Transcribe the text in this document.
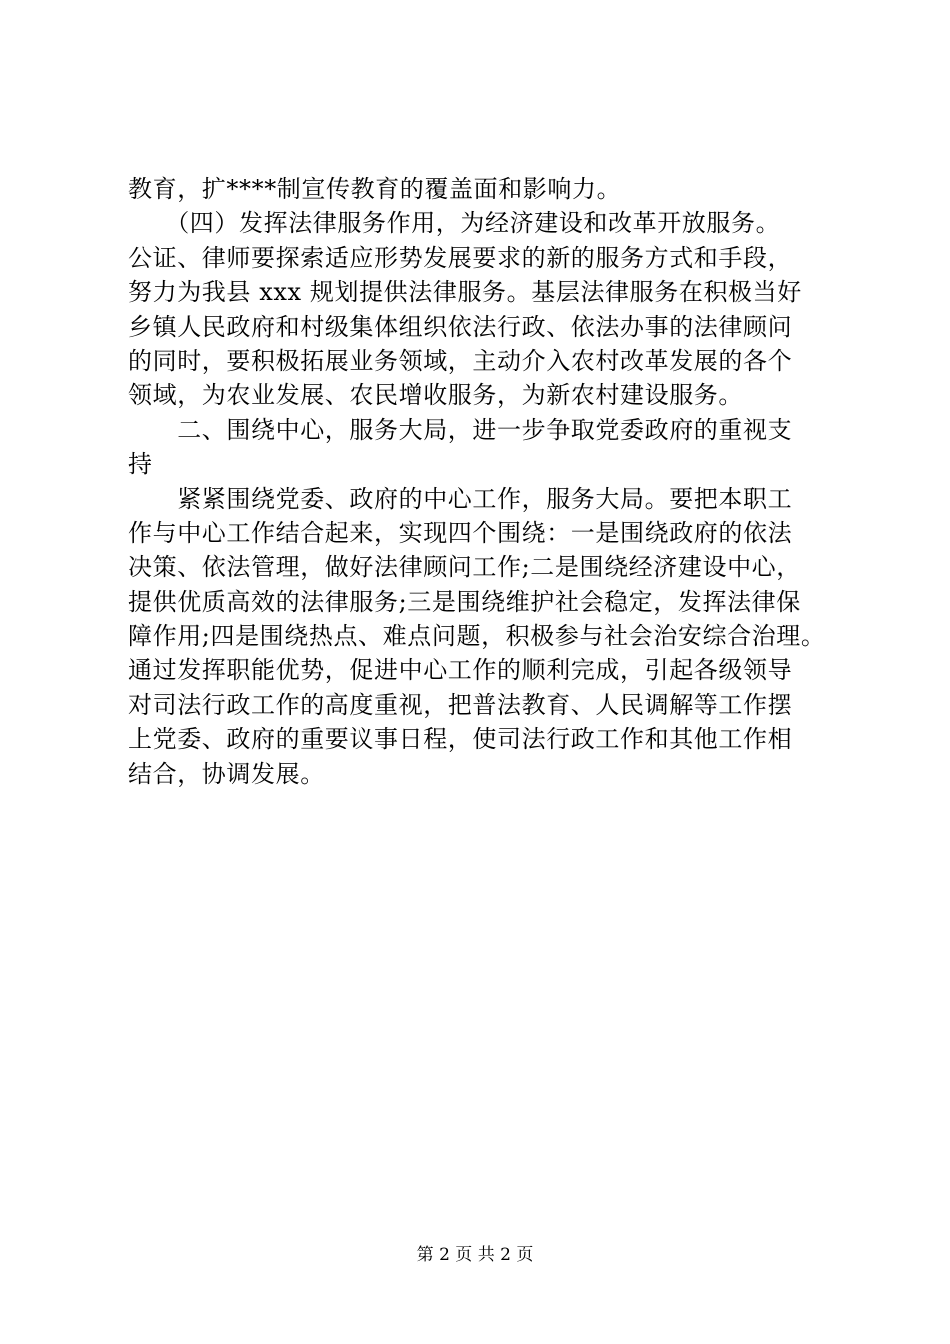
教育，扩****制宣传教育的覆盖面和影响力。
　　（四）发挥法律服务作用，为经济建设和改革开放服务。
公证、律师要探索适应形势发展要求的新的服务方式和手段，
努力为我县 xxx 规划提供法律服务。基层法律服务在积极当好
乡镇人民政府和村级集体组织依法行政、依法办事的法律顾问
的同时，要积极拓展业务领域，主动介入农村改革发展的各个
领域，为农业发展、农民增收服务，为新农村建设服务。
　　二、围绕中心，服务大局，进一步争取党委政府的重视支
持
　　紧紧围绕党委、政府的中心工作，服务大局。要把本职工
作与中心工作结合起来，实现四个围绕：一是围绕政府的依法
决策、依法管理，做好法律顾问工作;二是围绕经济建设中心，
提供优质高效的法律服务;三是围绕维护社会稳定，发挥法律保
障作用;四是围绕热点、难点问题，积极参与社会治安综合治理。
通过发挥职能优势，促进中心工作的顺利完成，引起各级领导
对司法行政工作的高度重视，把普法教育、人民调解等工作摆
上党委、政府的重要议事日程，使司法行政工作和其他工作相
结合，协调发展。
第 2 页 共 2 页
